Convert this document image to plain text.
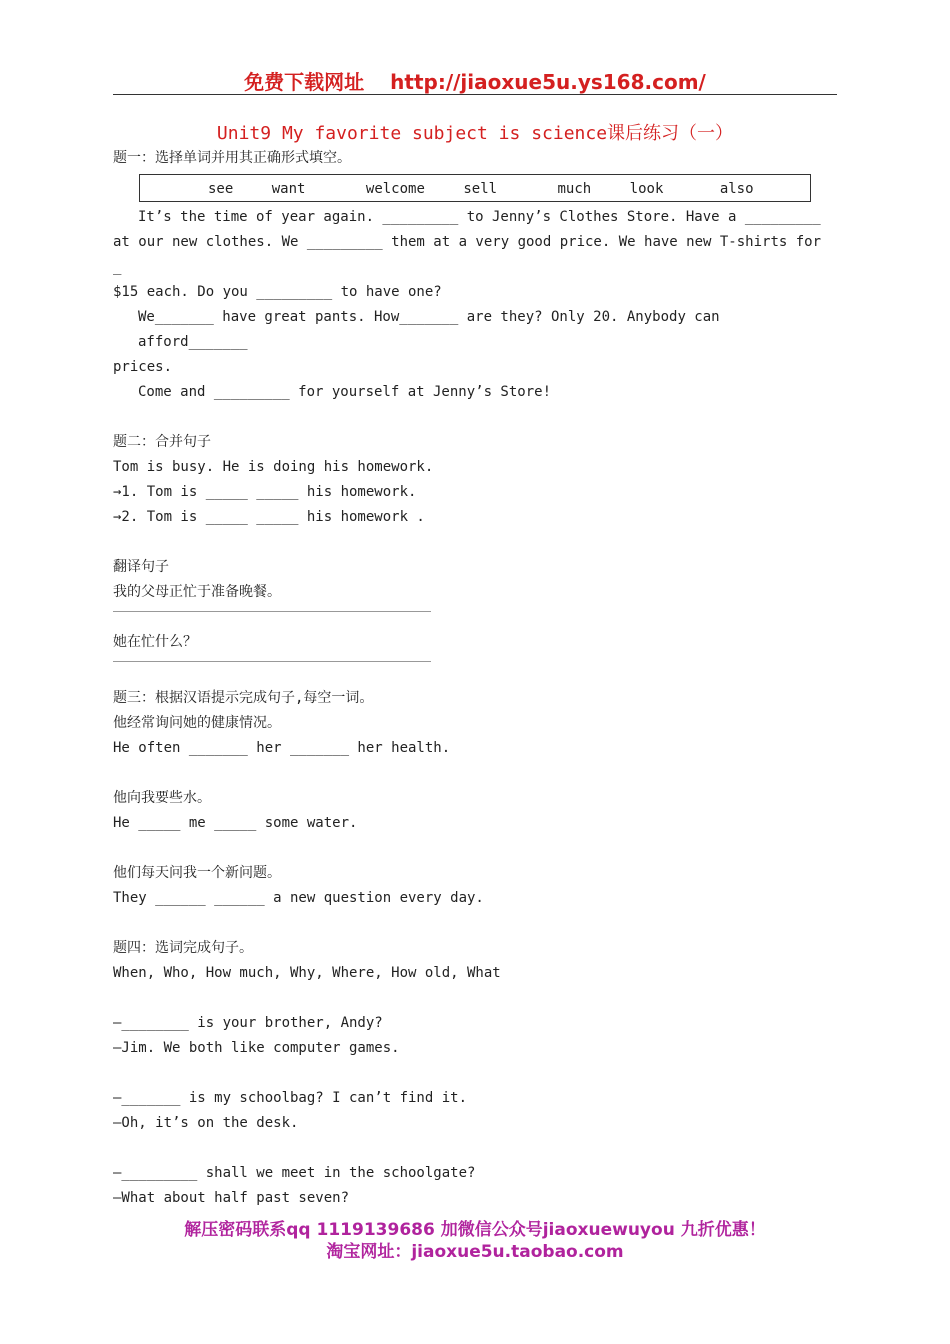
免费下载网址 http://jiaoxue5u.ys168.com/
Unit9 My favorite subject is science课后练习（一）

题一：选择单词并用其正确形式填空。

see	want	welcome	sell	much	look	also

It’s the time of year again. _________ to Jenny’s Clothes Store. Have a _________

at our new clothes. We _________ them at a very good price. We have new T-shirts for _

$15 each. Do you _________ to have one?

We_______ have great pants. How_______ are they? Only 20. Anybody can afford_______

prices.

Come and _________ for yourself at Jenny’s Store!

题二：合并句子

Tom is busy. He is doing his homework.

→1. Tom is _____ _____ his homework.

→2. Tom is _____ _____ his homework .

翻译句子

我的父母正忙于准备晚餐。

她在忙什么？

题三：根据汉语提示完成句子,每空一词。

他经常询问她的健康情况。

He often _______ her _______ her health.

他向我要些水。

He _____ me _____ some water.

他们每天问我一个新问题。

They ______ ______ a new question every day.

题四：选词完成句子。

When, Who, How much, Why, Where, How old, What

—________ is your brother, Andy?

—Jim. We both like computer games.

—_______ is my schoolbag? I can’t find it.

—Oh, it’s on the desk.

—_________ shall we meet in the schoolgate?

—What about half past seven?

解压密码联系qq 1119139686 加微信公众号jiaoxuewuyou 九折优惠！
淘宝网址：jiaoxue5u.taobao.com
